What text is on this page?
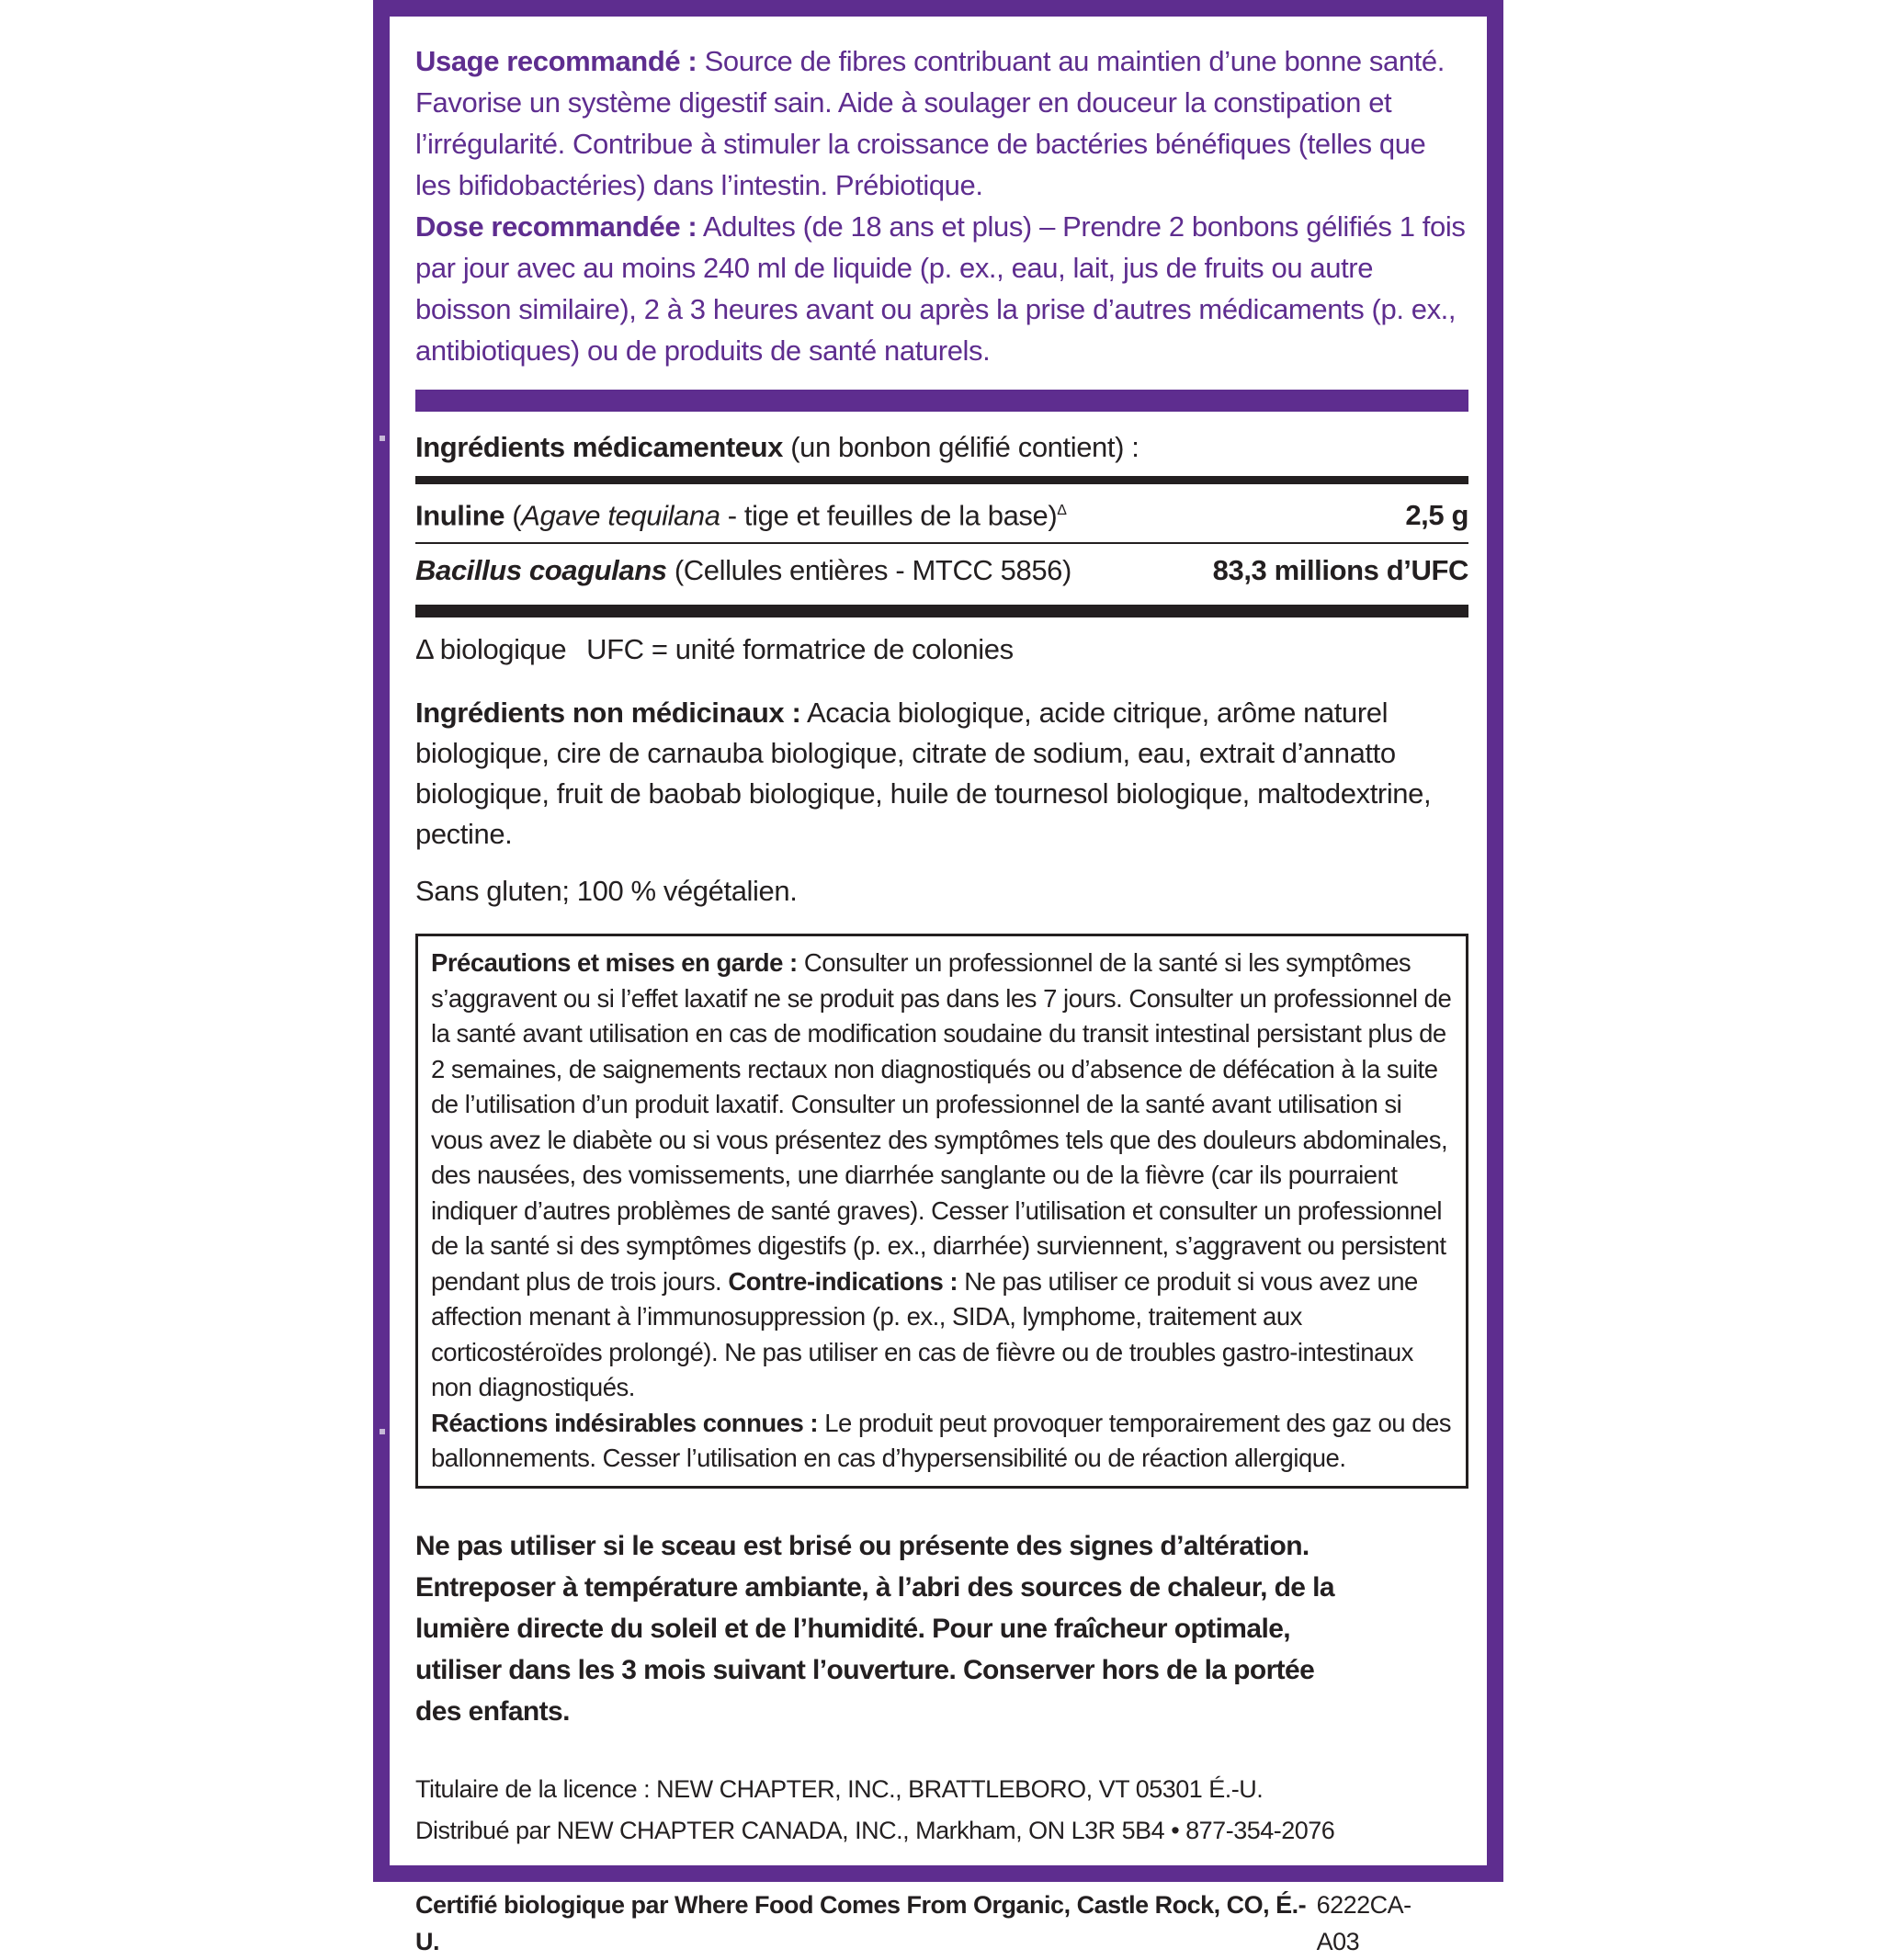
Usage recommandé : Source de fibres contribuant au maintien d’une bonne santé. Favorise un système digestif sain. Aide à soulager en douceur la constipation et l’irrégularité. Contribue à stimuler la croissance de bactéries bénéfiques (telles que les bifidobactéries) dans l’intestin. Prébiotique.

Dose recommandée : Adultes (de 18 ans et plus) – Prendre 2 bonbons gélifiés 1 fois par jour avec au moins 240 ml de liquide (p. ex., eau, lait, jus de fruits ou autre boisson similaire), 2 à 3 heures avant ou après la prise d’autres médicaments (p. ex., antibiotiques) ou de produits de santé naturels.

Ingrédients médicamenteux (un bonbon gélifié contient) :
Inuline (Agave tequilana - tige et feuilles de la base)$^\Delta$	2,5 g
Bacillus coagulans (Cellules entières - MTCC 5856)	83,3 millions d’UFC
Δ biologique UFC = unité formatrice de colonies
Ingrédients non médicinaux : Acacia biologique, acide citrique, arôme naturel biologique, cire de carnauba biologique, citrate de sodium, eau, extrait d’annatto biologique, fruit de baobab biologique, huile de tournesol biologique, maltodextrine, pectine.
Sans gluten; 100 % végétalien.
Précautions et mises en garde : Consulter un professionnel de la santé si les symptômes s’aggravent ou si l’effet laxatif ne se produit pas dans les 7 jours. Consulter un professionnel de la santé avant utilisation en cas de modification soudaine du transit intestinal persistant plus de 2 semaines, de saignements rectaux non diagnostiqués ou d’absence de défécation à la suite de l’utilisation d’un produit laxatif. Consulter un professionnel de la santé avant utilisation si vous avez le diabète ou si vous présentez des symptômes tels que des douleurs abdominales, des nausées, des vomissements, une diarrhée sanglante ou de la fièvre (car ils pourraient indiquer d’autres problèmes de santé graves). Cesser l’utilisation et consulter un professionnel de la santé si des symptômes digestifs (p. ex., diarrhée) surviennent, s’aggravent ou persistent pendant plus de trois jours. Contre-indications : Ne pas utiliser ce produit si vous avez une affection menant à l’immunosuppression (p. ex., SIDA, lymphome, traitement aux corticostéroïdes prolongé). Ne pas utiliser en cas de fièvre ou de troubles gastro-intestinaux non diagnostiqués.
Réactions indésirables connues : Le produit peut provoquer temporairement des gaz ou des ballonnements. Cesser l’utilisation en cas d’hypersensibilité ou de réaction allergique.
Ne pas utiliser si le sceau est brisé ou présente des signes d’altération.
Entreposer à température ambiante, à l’abri des sources de chaleur, de la lumière directe du soleil et de l’humidité. Pour une fraîcheur optimale, utiliser dans les 3 mois suivant l’ouverture. Conserver hors de la portée des enfants.
Titulaire de la licence : NEW CHAPTER, INC., BRATTLEBORO, VT 05301 É.-U.
Distribué par NEW CHAPTER CANADA, INC., Markham, ON L3R 5B4 • 877-354-2076
Certifié biologique par Where Food Comes From Organic, Castle Rock, CO, É.-U.
6222CA-A03
